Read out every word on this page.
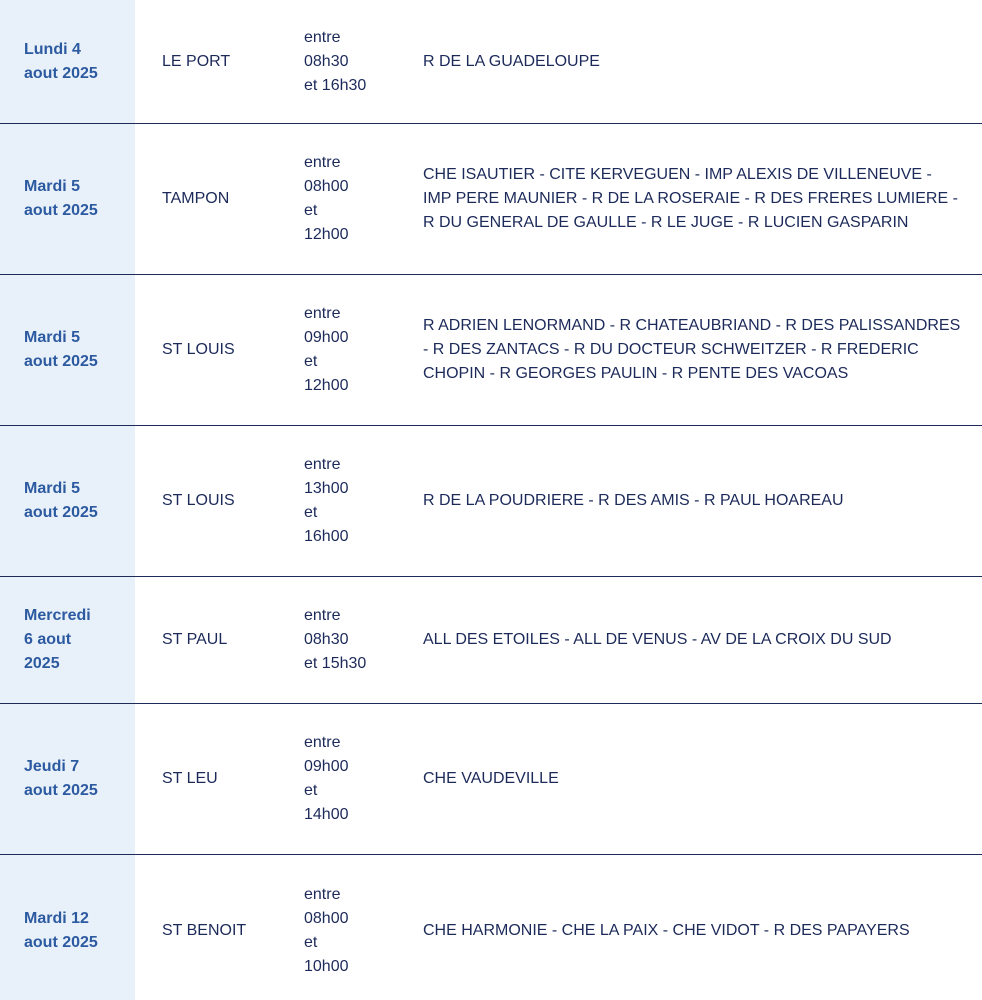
Lundi 4
aout 2025
LE PORT
entre
08h30
et 16h30
R DE LA GUADELOUPE
Mardi 5
aout 2025
TAMPON
entre
08h00
et
12h00
CHE ISAUTIER - CITE KERVEGUEN - IMP ALEXIS DE VILLENEUVE - IMP PERE MAUNIER - R DE LA ROSERAIE - R DES FRERES LUMIERE - R DU GENERAL DE GAULLE - R LE JUGE - R LUCIEN GASPARIN
Mardi 5
aout 2025
ST LOUIS
entre
09h00
et
12h00
R ADRIEN LENORMAND - R CHATEAUBRIAND - R DES PALISSANDRES - R DES ZANTACS - R DU DOCTEUR SCHWEITZER - R FREDERIC CHOPIN - R GEORGES PAULIN - R PENTE DES VACOAS
Mardi 5
aout 2025
ST LOUIS
entre
13h00
et
16h00
R DE LA POUDRIERE - R DES AMIS - R PAUL HOAREAU
Mercredi
6 aout
2025
ST PAUL
entre
08h30
et 15h30
ALL DES ETOILES - ALL DE VENUS - AV DE LA CROIX DU SUD
Jeudi 7
aout 2025
ST LEU
entre
09h00
et
14h00
CHE VAUDEVILLE
Mardi 12
aout 2025
ST BENOIT
entre
08h00
et
10h00
CHE HARMONIE - CHE LA PAIX - CHE VIDOT - R DES PAPAYERS
